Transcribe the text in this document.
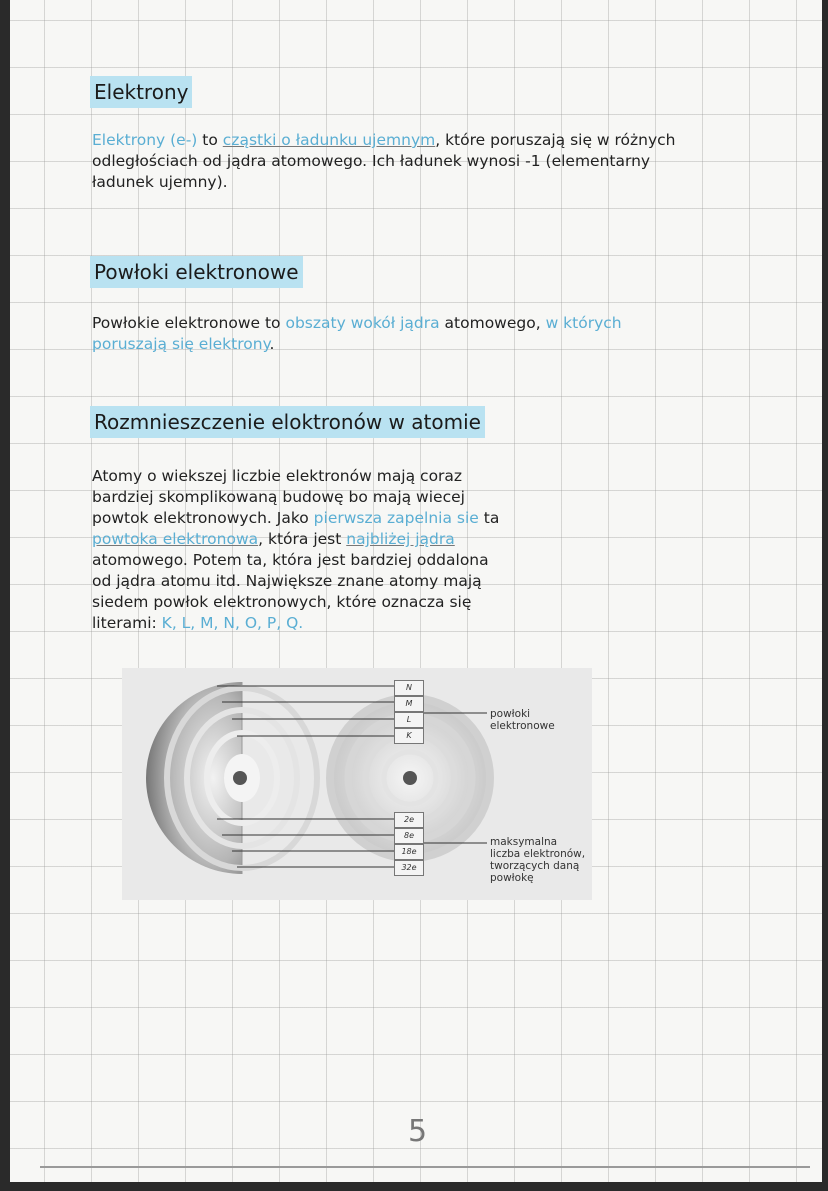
Elektrony
Elektrony (e-) to cząstki o ładunku ujemnym, które poruszają się w różnych odległościach od jądra atomowego. Ich ładunek wynosi -1 (elementarny ładunek ujemny).
Powłoki elektronowe
Powłokie elektronowe to obszaty wokół jądra atomowego, w których poruszają się elektrony.
Rozmnieszczenie eloktronów w atomie
Atomy o wiekszej liczbie elektronów mają coraz bardziej skomplikowaną budowę bo mają wiecej powtok elektronowych. Jako pierwsza zapelnia sie ta powtoka elektronowa, która jest najbliżej jądra atomowego. Potem ta, która jest bardziej oddalona od jądra atomu itd. Największe znane atomy mają siedem powłok elektronowych, które oznacza się literami: K, L, M, N, O, P, Q.
N
M
L
K
2e
8e
18e
32e
powłoki elektronowe
maksymalna liczba elektronów, tworzących daną powłokę
5
